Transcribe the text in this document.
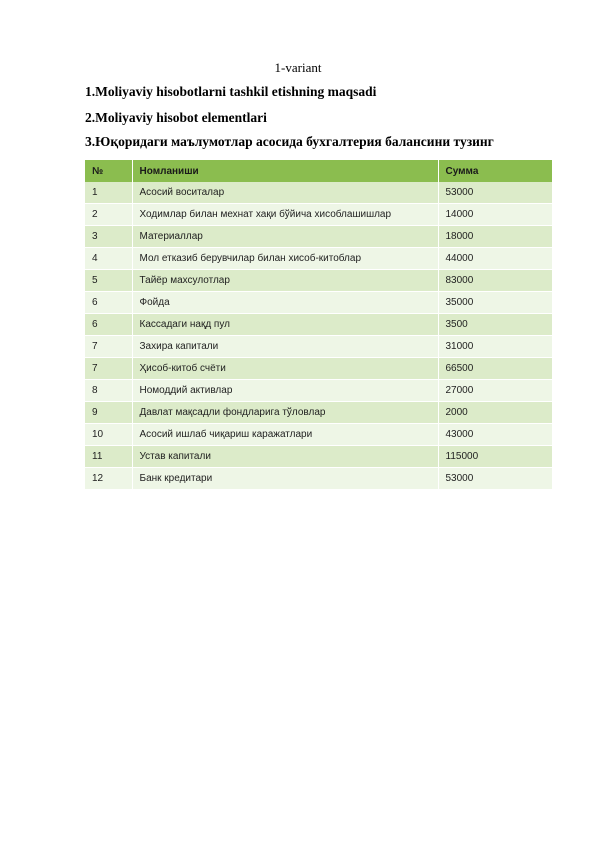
1-variant
1.Moliyaviy hisobotlarni tashkil etishning maqsadi
2.Moliyaviy hisobot elementlari
3.Юқоридаги маълумотлар асосида бухгалтерия балансини тузинг
№	Номланиши	Сумма
1	Асосий воситалар	53000
2	Ходимлар билан мехнат хақи бўйича хисоблашишлар	14000
3	Материаллар	18000
4	Мол етказиб берувчилар билан хисоб-китоблар	44000
5	Тайёр махсулотлар	83000
6	Фойда	35000
6	Кассадаги нақд пул	3500
7	Захира капитали	31000
7	Ҳисоб-китоб счёти	66500
8	Номоддий активлар	27000
9	Давлат мақсадли фондларига тўловлар	2000
10	Асосий ишлаб чиқариш каражатлари	43000
11	Устав капитали	115000
12	Банк кредитари	53000
